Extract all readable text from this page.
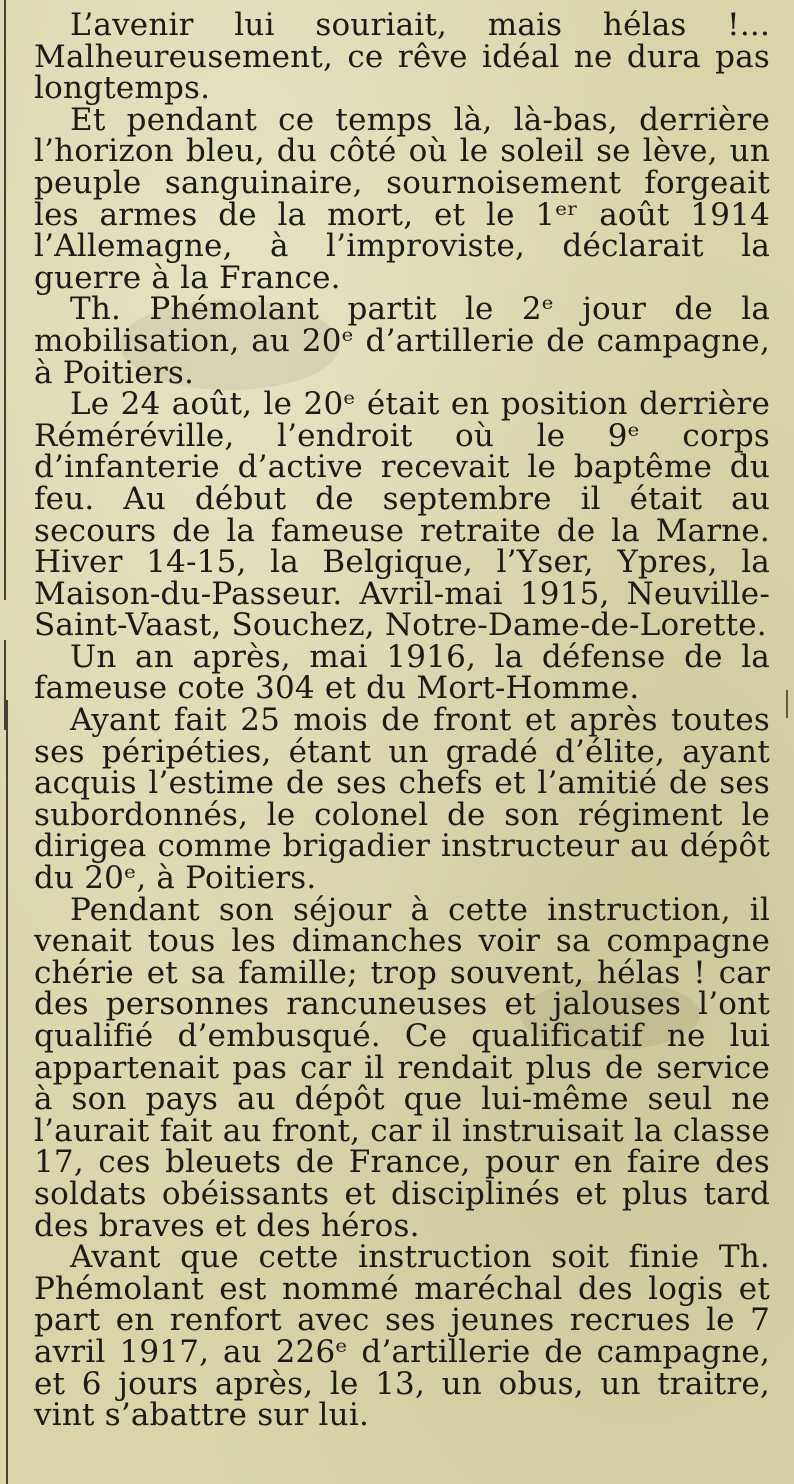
L’avenir lui souriait, mais hélas !... Malheureusement, ce rêve idéal ne dura pas longtemps.

Et pendant ce temps là, là-bas, derrière l’horizon bleu, du côté où le soleil se lève, un peuple sanguinaire, sournoisement forgeait les armes de la mort, et le 1ᵉʳ août 1914 l’Allemagne, à l’improviste, déclarait la guerre à la France.

Th. Phémolant partit le 2ᵉ jour de la mobilisation, au 20ᵉ d’artillerie de campagne, à Poitiers.

Le 24 août, le 20ᵉ était en position derrière Réméréville, l’endroit où le 9ᵉ corps d’infanterie d’active recevait le baptême du feu. Au début de septembre il était au secours de la fameuse retraite de la Marne. Hiver 14-15, la Belgique, l’Yser, Ypres, la Maison-du-Passeur. Avril-mai 1915, Neuville-Saint-Vaast, Souchez, Notre-Dame-de-Lorette.

Un an après, mai 1916, la défense de la fameuse cote 304 et du Mort-Homme.

Ayant fait 25 mois de front et après toutes ses péripéties, étant un gradé d’élite, ayant acquis l’estime de ses chefs et l’amitié de ses subordonnés, le colonel de son régiment le dirigea comme brigadier instructeur au dépôt du 20ᵉ, à Poitiers.

Pendant son séjour à cette instruction, il venait tous les dimanches voir sa compagne chérie et sa famille; trop souvent, hélas ! car des personnes rancuneuses et jalouses l’ont qualifié d’embusqué. Ce qualificatif ne lui appartenait pas car il rendait plus de service à son pays au dépôt que lui-même seul ne l’aurait fait au front, car il instruisait la classe 17, ces bleuets de France, pour en faire des soldats obéissants et disciplinés et plus tard des braves et des héros.

Avant que cette instruction soit finie Th. Phémolant est nommé maréchal des logis et part en renfort avec ses jeunes recrues le 7 avril 1917, au 226ᵉ d’artillerie de campagne, et 6 jours après, le 13, un obus, un traitre, vint s’abattre sur lui.
